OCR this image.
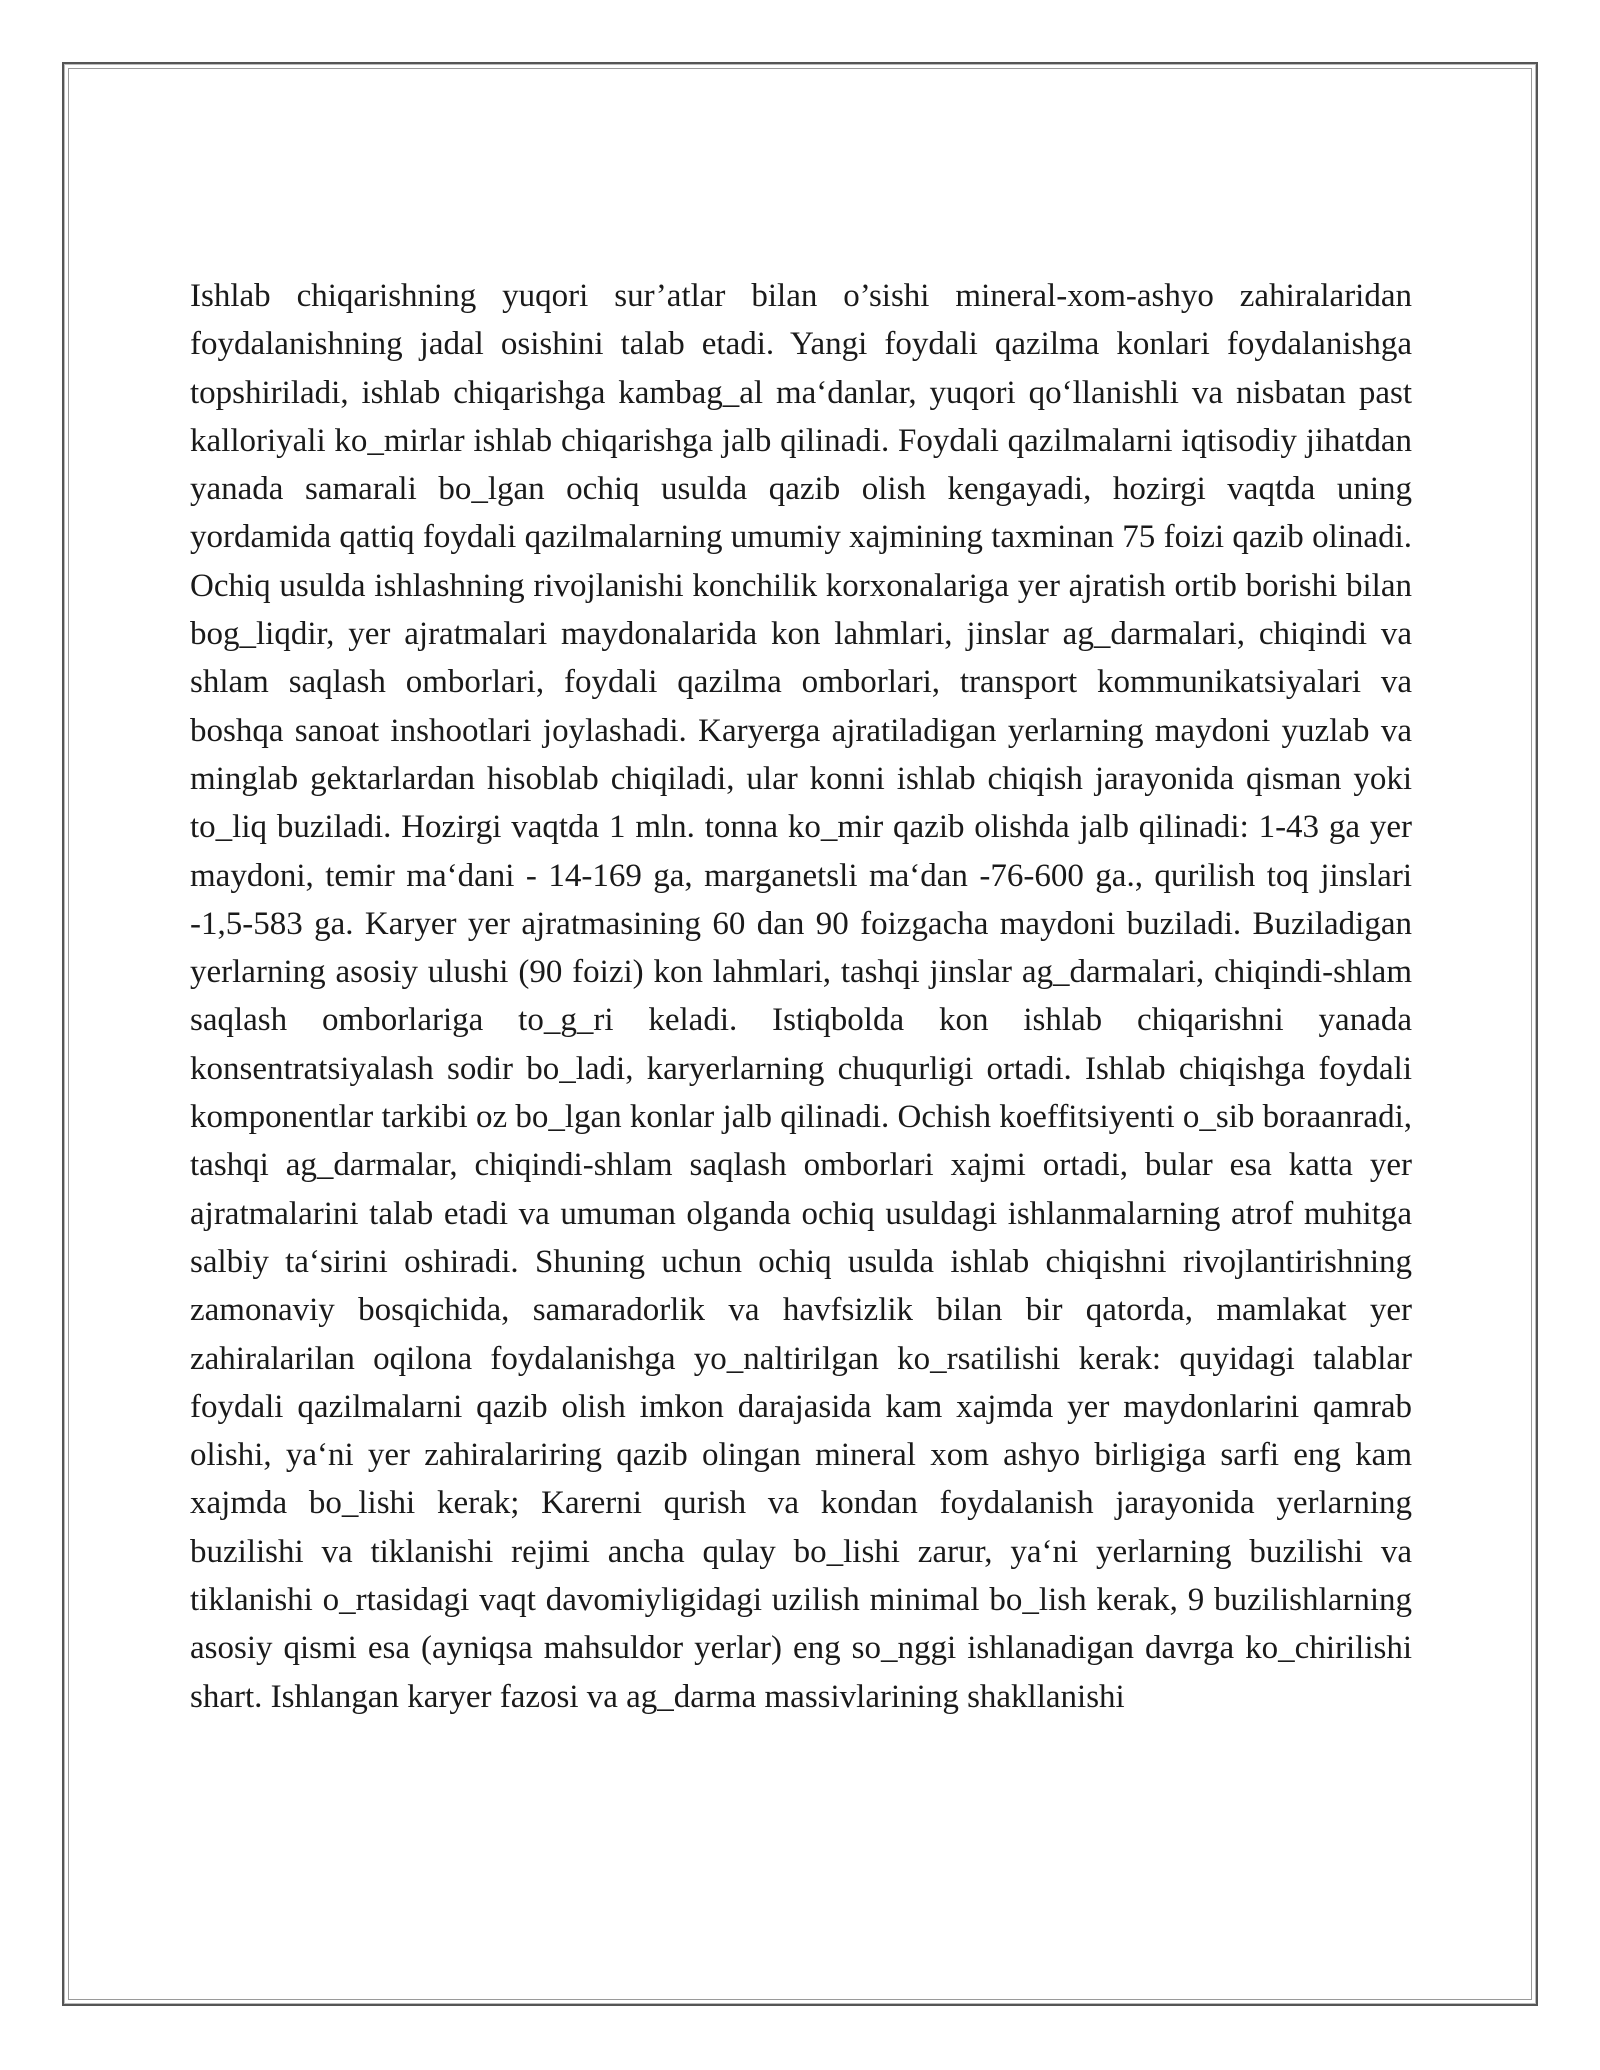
Ishlab chiqarishning yuqori sur’atlar bilan o’sishi mineral-xom-ashyo zahiralaridan foydalanishning jadal osishini talab etadi. Yangi foydali qazilma konlari foydalanishga topshiriladi, ishlab chiqarishga kambag_al ma‘danlar, yuqori qo‘llanishli va nisbatan past kalloriyali ko_mirlar ishlab chiqarishga jalb qilinadi. Foydali qazilmalarni iqtisodiy jihatdan yanada samarali bo_lgan ochiq usulda qazib olish kengayadi, hozirgi vaqtda uning yordamida qattiq foydali qazilmalarning umumiy xajmining taxminan 75 foizi qazib olinadi. Ochiq usulda ishlashning rivojlanishi konchilik korxonalariga yer ajratish ortib borishi bilan bog_liqdir, yer ajratmalari maydonalarida kon lahmlari, jinslar ag_darmalari, chiqindi va shlam saqlash omborlari, foydali qazilma omborlari, transport kommunikatsiyalari va boshqa sanoat inshootlari joylashadi. Karyerga ajratiladigan yerlarning maydoni yuzlab va minglab gektarlardan hisoblab chiqiladi, ular konni ishlab chiqish jarayonida qisman yoki to_liq buziladi. Hozirgi vaqtda 1 mln. tonna ko_mir qazib olishda jalb qilinadi: 1-43 ga yer maydoni, temir ma‘dani - 14-169 ga, marganetsli ma‘dan -76-600 ga., qurilish toq jinslari -1,5-583 ga. Karyer yer ajratmasining 60 dan 90 foizgacha maydoni buziladi. Buziladigan yerlarning asosiy ulushi (90 foizi) kon lahmlari, tashqi jinslar ag_darmalari, chiqindi-shlam saqlash omborlariga to_g_ri keladi. Istiqbolda kon ishlab chiqarishni yanada konsentratsiyalash sodir bo_ladi, karyerlarning chuqurligi ortadi. Ishlab chiqishga foydali komponentlar tarkibi oz bo_lgan konlar jalb qilinadi. Ochish koeffitsiyenti o_sib boraanradi, tashqi ag_darmalar, chiqindi-shlam saqlash omborlari xajmi ortadi, bular esa katta yer ajratmalarini talab etadi va umuman olganda ochiq usuldagi ishlanmalarning atrof muhitga salbiy ta‘sirini oshiradi. Shuning uchun ochiq usulda ishlab chiqishni rivojlantirishning zamonaviy bosqichida, samaradorlik va havfsizlik bilan bir qatorda, mamlakat yer zahiralarilan oqilona foydalanishga yo_naltirilgan ko_rsatilishi kerak: quyidagi talablar foydali qazilmalarni qazib olish imkon darajasida kam xajmda yer maydonlarini qamrab olishi, ya‘ni yer zahiralariring qazib olingan mineral xom ashyo birligiga sarfi eng kam xajmda bo_lishi kerak; Karerni qurish va kondan foydalanish jarayonida yerlarning buzilishi va tiklanishi rejimi ancha qulay bo_lishi zarur, ya‘ni yerlarning buzilishi va tiklanishi o_rtasidagi vaqt davomiyligidagi uzilish minimal bo_lish kerak, 9 buzilishlarning asosiy qismi esa (ayniqsa mahsuldor yerlar) eng so_nggi ishlanadigan davrga ko_chirilishi shart. Ishlangan karyer fazosi va ag_darma massivlarining shakllanishi
